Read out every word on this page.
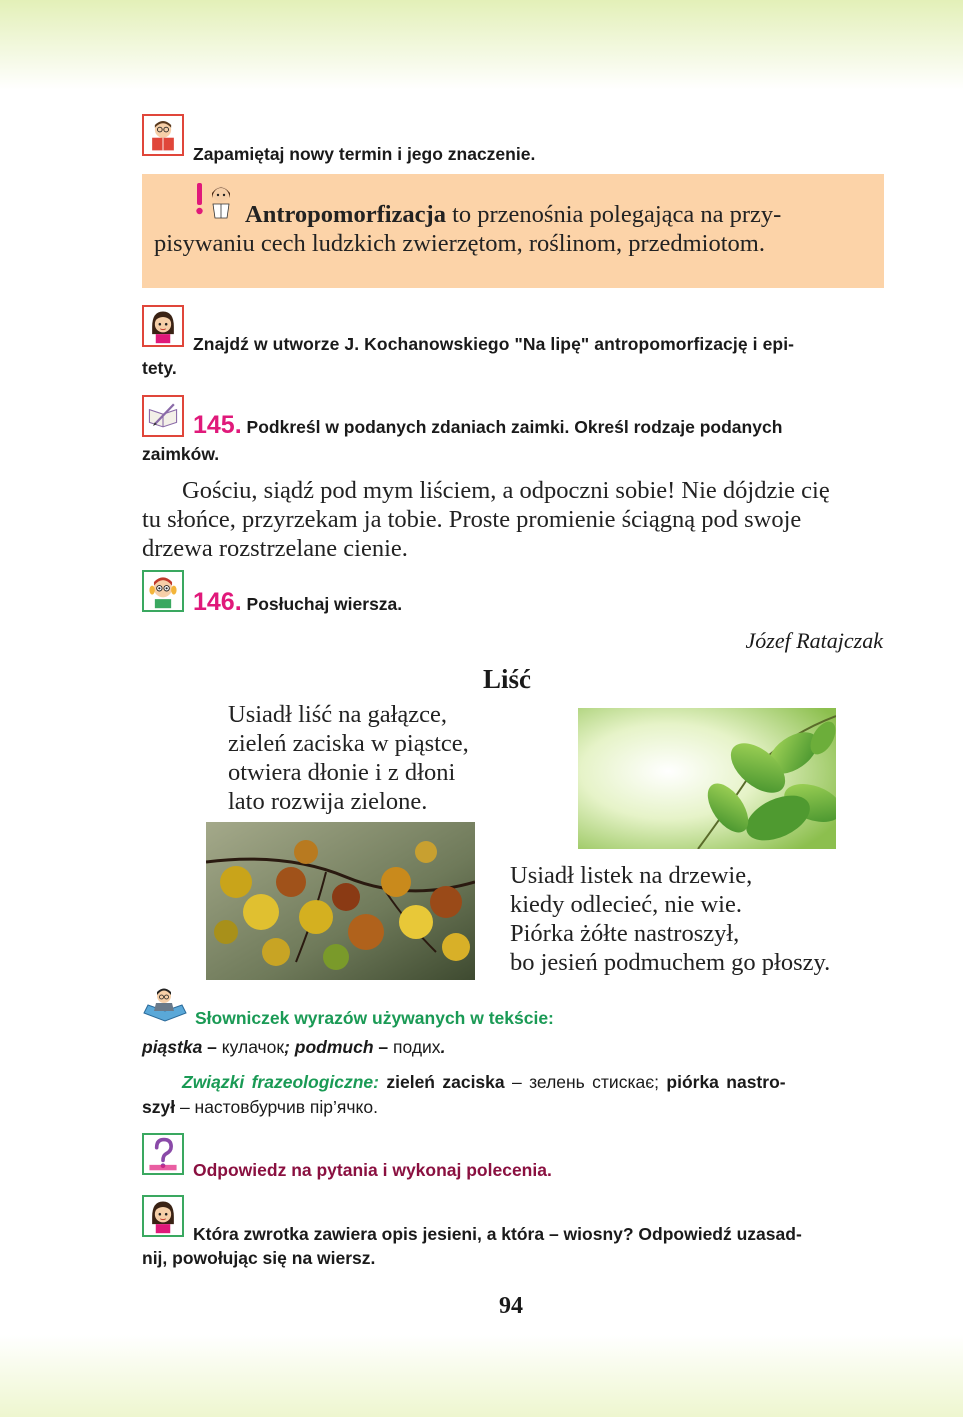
Zapamiętaj nowy termin i jego znaczenie.
Antropomorfizacja to przenośnia polegająca na przy-
pisywaniu cech ludzkich zwierzętom, roślinom, przedmiotom.
Znajdź w utworze J. Kochanowskiego "Na lipę" antropomorfizację i epi-
tety.
145. Podkreśl w podanych zdaniach zaimki. Określ rodzaje podanych
zaimków.
Gościu, siądź pod mym liściem, a odpoczni sobie! Nie dójdzie cię
tu słońce, przyrzekam ja tobie. Proste promienie ściągną pod swoje
drzewa rozstrzelane cienie.
146. Posłuchaj wiersza.
Józef Ratajczak
Liść
Usiadł liść na gałązce,
zieleń zaciska w piąstce,
otwiera dłonie i z dłoni
lato rozwija zielone.
Usiadł listek na drzewie,
kiedy odlecieć, nie wie.
Piórka żółte nastroszył,
bo jesień podmuchem go płoszy.
Słowniczek wyrazów używanych w tekście:
piąstka – кулачок; podmuch – подих.
Związki frazeologiczne: zieleń zaciska – зелень стискає; piórka nastro-
szył – настовбурчив пір’ячко.
Odpowiedz na pytania i wykonaj polecenia.
Która zwrotka zawiera opis jesieni, a która – wiosny? Odpowiedź uzasad-
nij, powołując się na wiersz.
94
